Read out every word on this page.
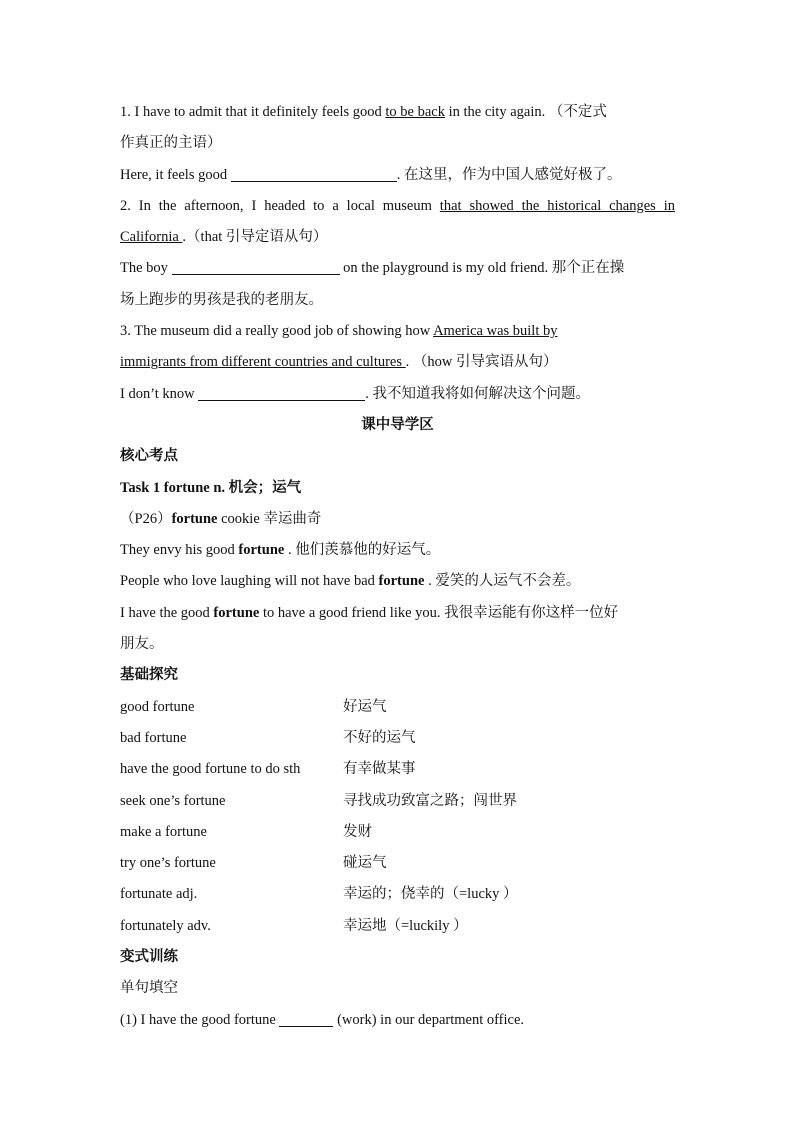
1. I have to admit that it definitely feels good to be back in the city again. （不定式
作真正的主语）
Here, it feels good	. 在这里，作为中国人感觉好极了。
2. In the afternoon, I headed to a local museum that showed the historical changes in
California .（that 引导定语从句）
The boy	on the playground is my old friend. 那个正在操
场上跑步的男孩是我的老朋友。
3. The museum did a really good job of showing how America was built by
immigrants from different countries and cultures . （how 引导宾语从句）
I don’t know	. 我不知道我将如何解决这个问题。
课中导学区
核心考点
Task 1 fortune n. 机会；运气
（P26）fortune cookie 幸运曲奇
They envy his good fortune . 他们羡慕他的好运气。
People who love laughing will not have bad fortune . 爱笑的人运气不会差。
I have the good fortune to have a good friend like you. 我很幸运能有你这样一位好
朋友。
基础探究
good fortune	好运气
bad fortune	不好的运气
have the good fortune to do sth	有幸做某事
seek one’s fortune	寻找成功致富之路；闯世界
make a fortune	发财
try one’s fortune	碰运气
fortunate adj.	幸运的；侥幸的（=lucky ）
fortunately adv.	幸运地（=luckily ）
变式训练
单句填空
(1) I have the good fortune	(work) in our department office.
